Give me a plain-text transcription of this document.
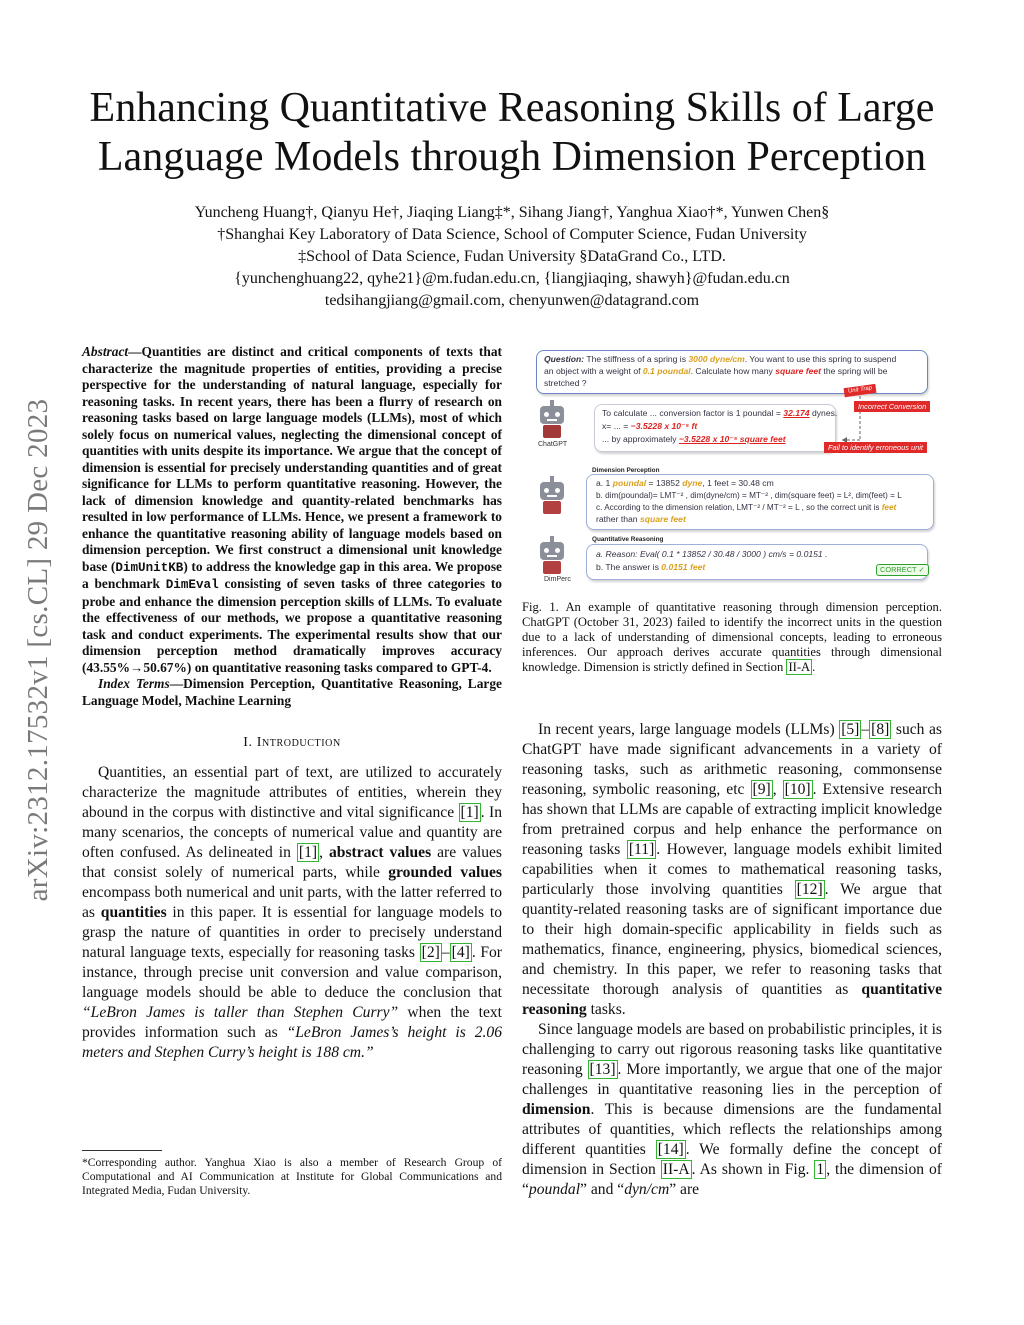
Enhancing Quantitative Reasoning Skills of Large Language Models through Dimension Perception
Yuncheng Huang†, Qianyu He†, Jiaqing Liang‡*, Sihang Jiang†, Yanghua Xiao†*, Yunwen Chen§
†Shanghai Key Laboratory of Data Science, School of Computer Science, Fudan University
‡School of Data Science, Fudan University §DataGrand Co., LTD.
{yunchenghuang22, qyhe21}@m.fudan.edu.cn, {liangjiaqing, shawyh}@fudan.edu.cn
tedsihangjiang@gmail.com, chenyunwen@datagrand.com
arXiv:2312.17532v1 [cs.CL] 29 Dec 2023

Abstract—Quantities are distinct and critical components of texts that characterize the magnitude properties of entities, providing a precise perspective for the understanding of natural language, especially for reasoning tasks. In recent years, there has been a flurry of research on reasoning tasks based on large language models (LLMs), most of which solely focus on numerical values, neglecting the dimensional concept of quantities with units despite its importance. We argue that the concept of dimension is essential for precisely understanding quantities and of great significance for LLMs to perform quantitative reasoning. However, the lack of dimension knowledge and quantity-related benchmarks has resulted in low performance of LLMs. Hence, we present a framework to enhance the quantitative reasoning ability of language models based on dimension perception. We first construct a dimensional unit knowledge base (DimUnitKB) to address the knowledge gap in this area. We propose a benchmark DimEval consisting of seven tasks of three categories to probe and enhance the dimension perception skills of LLMs. To evaluate the effectiveness of our methods, we propose a quantitative reasoning task and conduct experiments. The experimental results show that our dimension perception method dramatically improves accuracy (43.55%→50.67%) on quantitative reasoning tasks compared to GPT-4.

Index Terms—Dimension Perception, Quantitative Reasoning, Large Language Model, Machine Learning

I. Introduction

Quantities, an essential part of text, are utilized to accurately characterize the magnitude attributes of entities, wherein they abound in the corpus with distinctive and vital significance [1] . In many scenarios, the concepts of numerical value and quantity are often confused. As delineated in [1] , abstract values are values that consist solely of numerical parts, while grounded values encompass both numerical and unit parts, with the latter referred to as quantities in this paper. It is essential for language models to grasp the nature of quantities in order to precisely understand natural language texts, especially for reasoning tasks [2] – [4] . For instance, through precise unit conversion and value comparison, language models should be able to deduce the conclusion that “LeBron James is taller than Stephen Curry” when the text provides information such as “LeBron James’s height is 2.06 meters and Stephen Curry’s height is 188 cm.”

*Corresponding author. Yanghua Xiao is also a member of Research Group of Computational and AI Communication at Institute for Global Communications and Integrated Media, Fudan University.
Question: The stiffness of a spring is 3000 dyne/cm. You want to use this spring to suspend
an object with a weight of 0.1 poundal. Calculate how many square feet the spring will be
stretched ?
Unit Trap
ChatGPT
To calculate ... conversion factor is 1 poundal = 32.174 dynes.
x= ... = −3.5228 x 10⁻⁵ ft
... by approximately −3.5228 x 10⁻⁵ square feet
Incorrect Conversion
Fail to identify erroneous unit
Dimension Perception
a. 1 poundal = 13852 dyne, 1 feet = 30.48 cm
b. dim(poundal)= LMT⁻² , dim(dyne/cm) = MT⁻² , dim(square feet) = L², dim(feet) = L
c. According to the dimension relation, LMT⁻² / MT⁻² = L , so the correct unit is feet
rather than square feet
Quantitative Reasoning
DimPerc
a. Reason: Eval( 0.1 * 13852 / 30.48 / 3000 ) cm/s = 0.0151 .
b. The answer is 0.0151 feet	CORRECT ✓
Fig. 1. An example of quantitative reasoning through dimension perception. ChatGPT (October 31, 2023) failed to identify the incorrect units in the question due to a lack of understanding of dimensional concepts, leading to erroneous inferences. Our approach derives accurate quantities through dimensional knowledge. Dimension is strictly defined in Section II-A .

In recent years, large language models (LLMs) [5] – [8] such as ChatGPT have made significant advancements in a variety of reasoning tasks, such as arithmetic reasoning, commonsense reasoning, symbolic reasoning, etc [9] , [10] . Extensive research has shown that LLMs are capable of extracting implicit knowledge from pretrained corpus and help enhance the performance on reasoning tasks [11] . However, language models exhibit limited capabilities when it comes to mathematical reasoning tasks, particularly those involving quantities [12] . We argue that quantity-related reasoning tasks are of significant importance due to their high domain-specific applicability in fields such as mathematics, finance, engineering, physics, biomedical sciences, and chemistry. In this paper, we refer to reasoning tasks that necessitate thorough analysis of quantities as quantitative reasoning tasks.

Since language models are based on probabilistic principles, it is challenging to carry out rigorous reasoning tasks like quantitative reasoning [13] . More importantly, we argue that one of the major challenges in quantitative reasoning lies in the perception of dimension. This is because dimensions are the fundamental attributes of quantities, which reflects the relationships among different quantities [14] . We formally define the concept of dimension in Section II-A . As shown in Fig. 1 , the dimension of “poundal” and “dyn/cm” are
